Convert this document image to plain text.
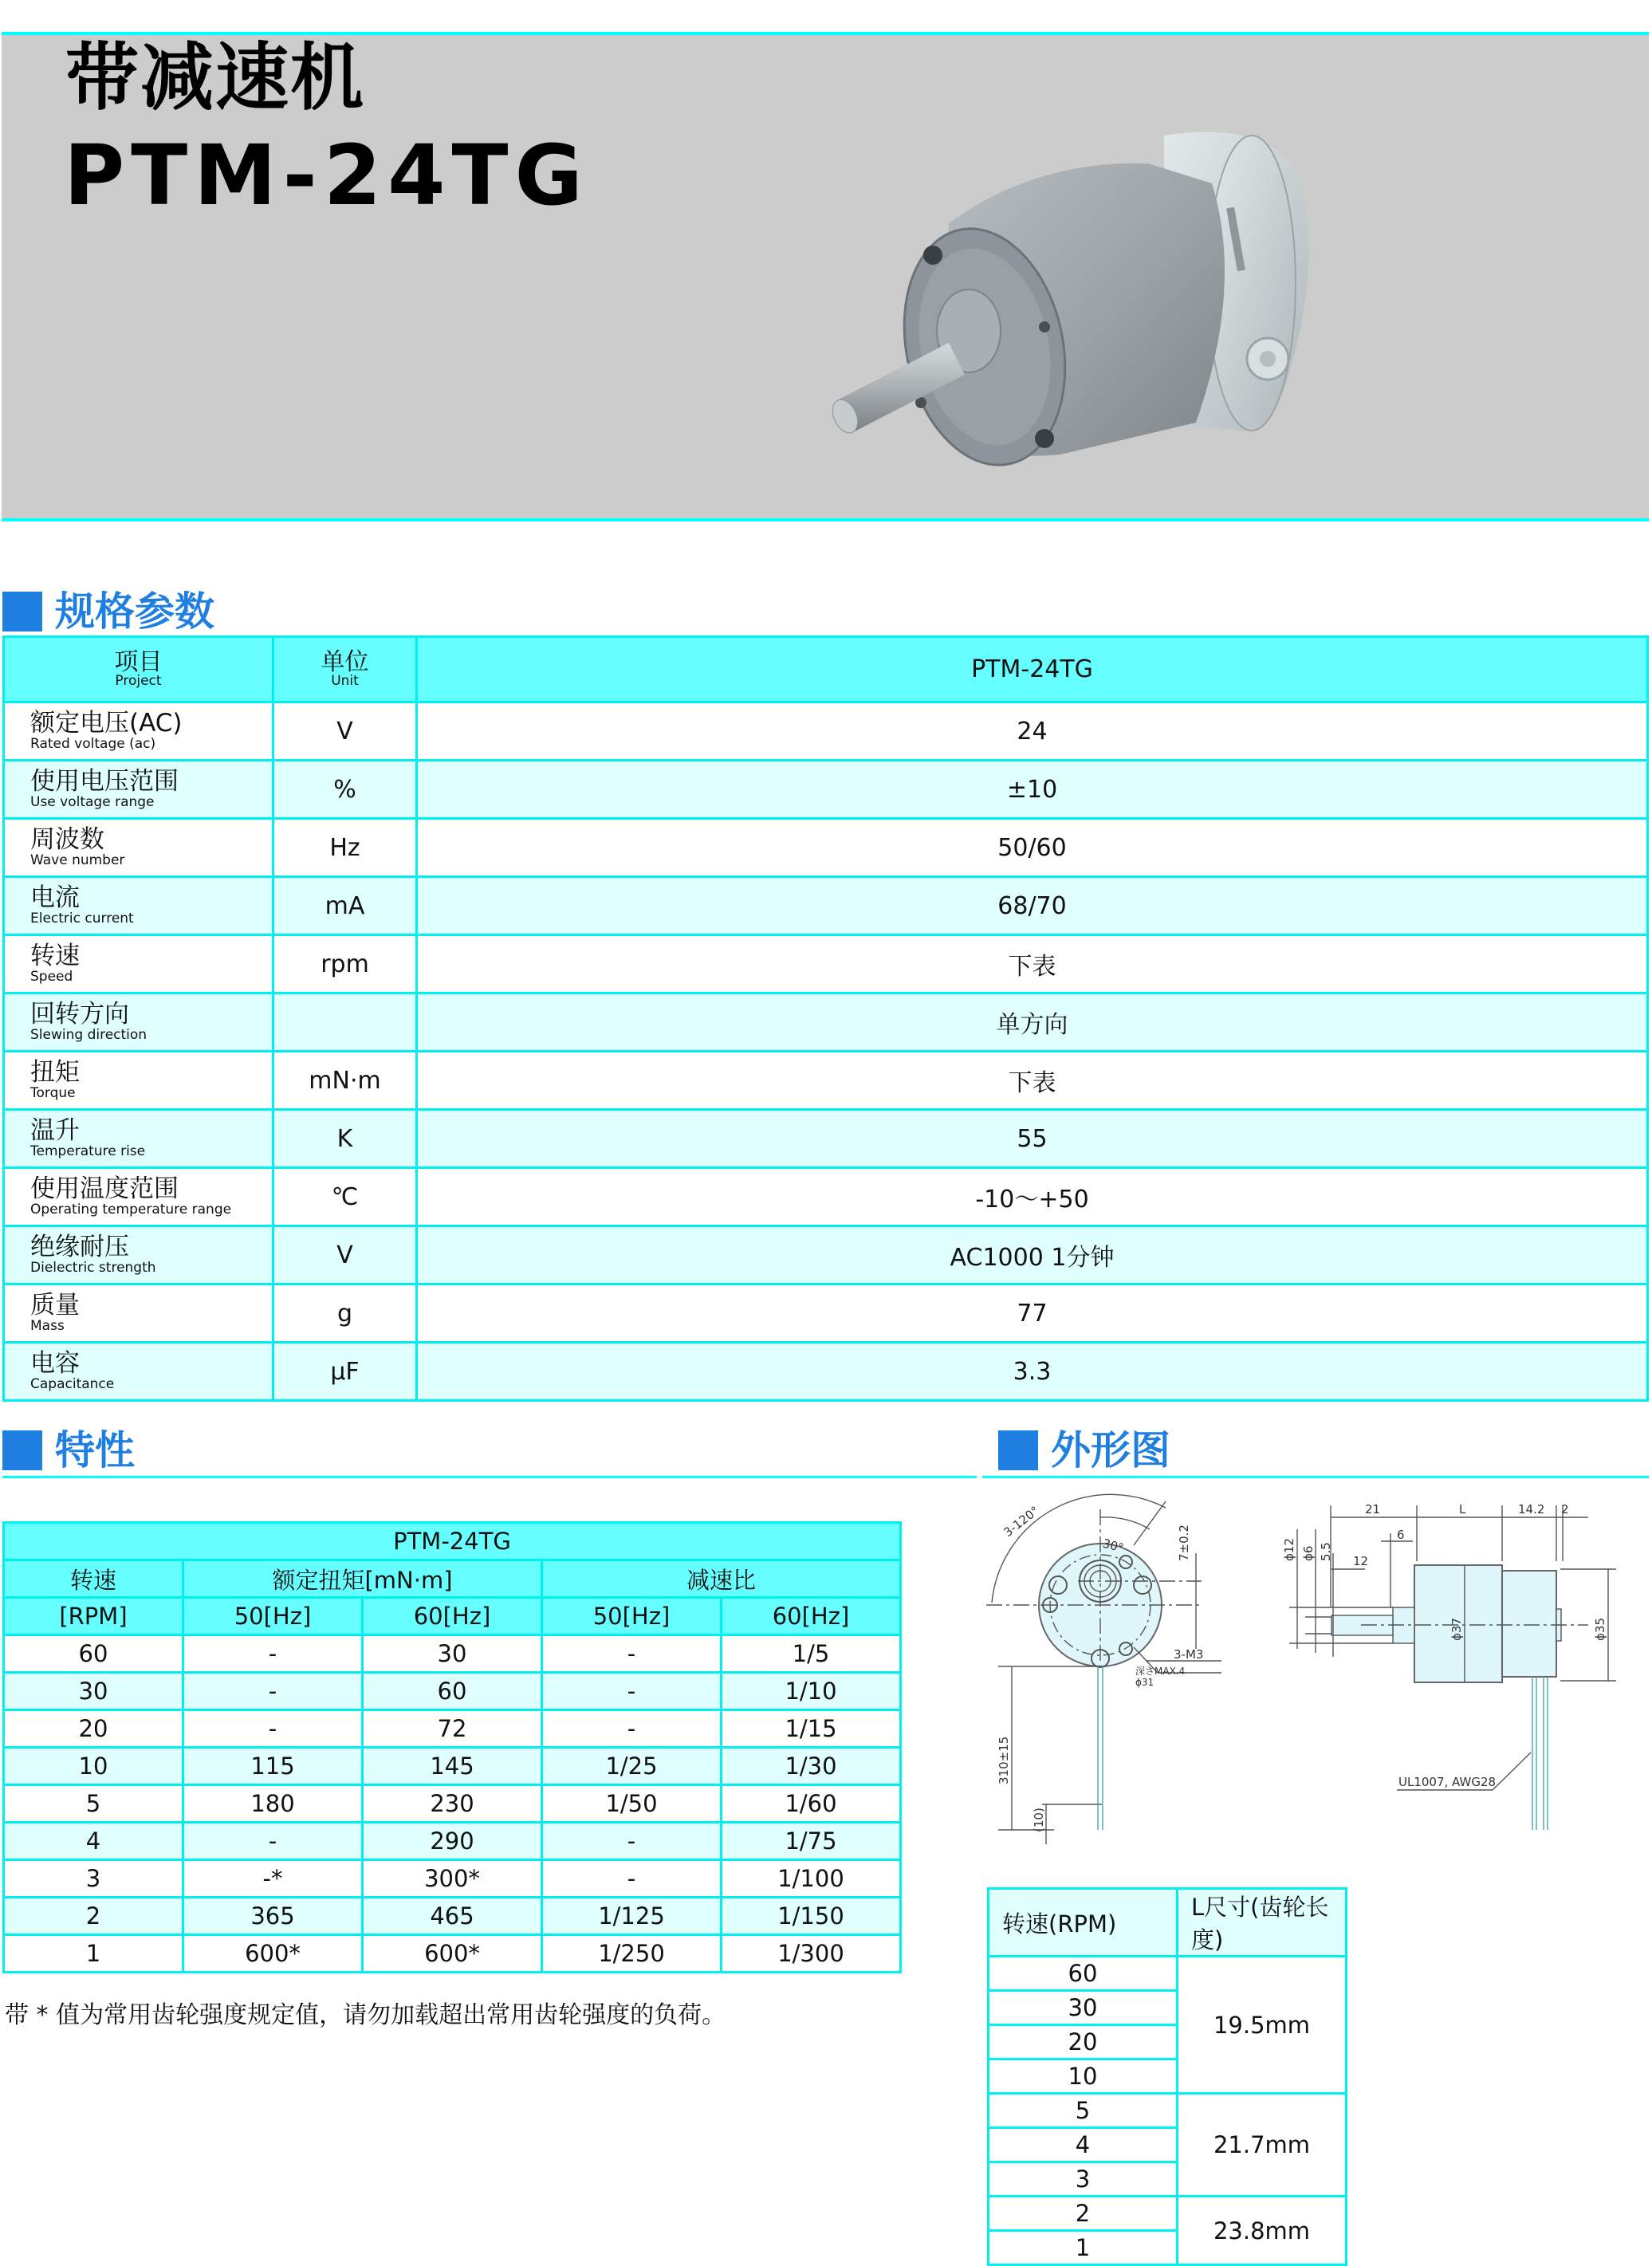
带减速机
PTM-24TG
规格参数
项目
Project	单位
Unit	PTM-24TG

额定电压(AC)
Rated voltage (ac)	V	24

使用电压范围
Use voltage range	%	±10

周波数
Wave number	Hz	50/60

电流
Electric current	mA	68/70

转速
Speed	rpm	下表

回转方向
Slewing direction		单方向

扭矩
Torque	mN·m	下表

温升
Temperature rise	K	55

使用温度范围
Operating temperature range	℃	-10～+50

绝缘耐压
Dielectric strength	V	AC1000 1分钟

质量
Mass	g	77

电容
Capacitance	μF	3.3
特性
PTM-24TG				
转速	额定扭矩[mN·m]		减速比	
[RPM]	50[Hz]	60[Hz]	50[Hz]	60[Hz]
60	-	30	-	1/5
30	-	60	-	1/10
20	-	72	-	1/15
10	115	145	1/25	1/30
5	180	230	1/50	1/60
4	-	290	-	1/75
3	-*	300*	-	1/100
2	365	465	1/125	1/150
1	600*	600*	1/250	1/300
带 * 值为常用齿轮强度规定值，请勿加载超出常用齿轮强度的负荷。
外形图
3-120°
30°	7±0.2
3-M3
深さMAX.4
ϕ31
310±15
(10)
21	L	14.2 2
6
12
ϕ12 ϕ6 5.5
ϕ37	ϕ35
UL1007, AWG28
转速(RPM)	L尺寸(齿轮长度)
60	19.5mm
30	
20	
10	
5	21.7mm
4	
3	
2	23.8mm
1	
